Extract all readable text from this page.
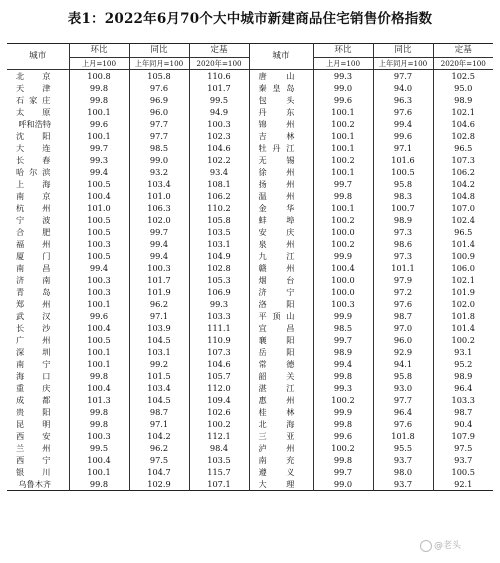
表1：2022年6月70个大中城市新建商品住宅销售价格指数
城市	环比	同比	定基	城市	环比	同比	定基
	上月=100	上年同月=100	2020年=100		上月=100	上年同月=100	2020年=100
北　京	100.8	105.8	110.6	唐　山	99.3	97.7	102.5
天　津	99.8	97.6	101.7	秦皇岛	99.0	94.0	95.0
石家庄	99.8	96.9	99.5	包　头	99.6	96.3	98.9
太　原	100.1	96.0	94.9	丹　东	100.1	97.6	102.1
呼和浩特	99.6	97.7	100.3	锦　州	100.2	99.4	104.6
沈　阳	100.1	97.7	102.3	吉　林	100.1	99.6	102.8
大　连	99.7	98.5	104.6	牡丹江	100.1	97.1	96.5
长　春	99.3	99.0	102.2	无　锡	100.2	101.6	107.3
哈尔滨	99.4	93.2	93.4	徐　州	100.1	100.5	106.2
上　海	100.5	103.4	108.1	扬　州	99.7	95.8	104.2
南　京	100.4	101.0	106.2	温　州	99.8	98.3	104.8
杭　州	101.0	106.3	110.2	金　华	100.1	100.7	107.0
宁　波	100.5	102.0	105.8	蚌　埠	100.2	98.9	102.4
合　肥	100.5	99.7	103.5	安　庆	100.0	97.3	96.5
福　州	100.3	99.4	103.1	泉　州	100.2	98.6	101.4
厦　门	100.5	99.4	104.9	九　江	99.9	97.3	100.9
南　昌	99.4	100.3	102.8	赣　州	100.4	101.1	106.0
济　南	100.3	101.7	105.3	烟　台	100.0	97.9	102.1
青　岛	100.3	101.9	106.9	济　宁	100.0	97.2	101.9
郑　州	100.1	96.2	99.3	洛　阳	100.3	97.6	102.0
武　汉	99.6	97.1	103.3	平顶山	99.9	98.7	101.8
长　沙	100.4	103.9	111.1	宜　昌	98.5	97.0	101.4
广　州	100.5	104.5	110.9	襄　阳	99.7	96.0	100.2
深　圳	100.1	103.1	107.3	岳　阳	98.9	92.9	93.1
南　宁	100.1	99.2	104.6	常　德	99.4	94.1	95.2
海　口	99.8	101.5	105.7	韶　关	99.8	95.8	98.9
重　庆	100.4	103.4	112.0	湛　江	99.3	93.0	96.4
成　都	101.3	104.5	109.4	惠　州	100.2	97.7	103.3
贵　阳	99.8	98.7	102.6	桂　林	99.9	96.4	98.7
昆　明	99.8	97.1	100.2	北　海	99.8	97.6	90.4
西　安	100.3	104.2	112.1	三　亚	99.6	101.8	107.9
兰　州	99.5	96.2	98.4	泸　州	100.2	95.5	97.5
西　宁	100.4	97.5	103.5	南　充	99.8	93.7	93.7
银　川	100.1	104.7	115.7	遵　义	99.7	98.0	100.5
乌鲁木齐	99.8	102.9	107.1	大　理	99.0	93.7	92.1
@老头
